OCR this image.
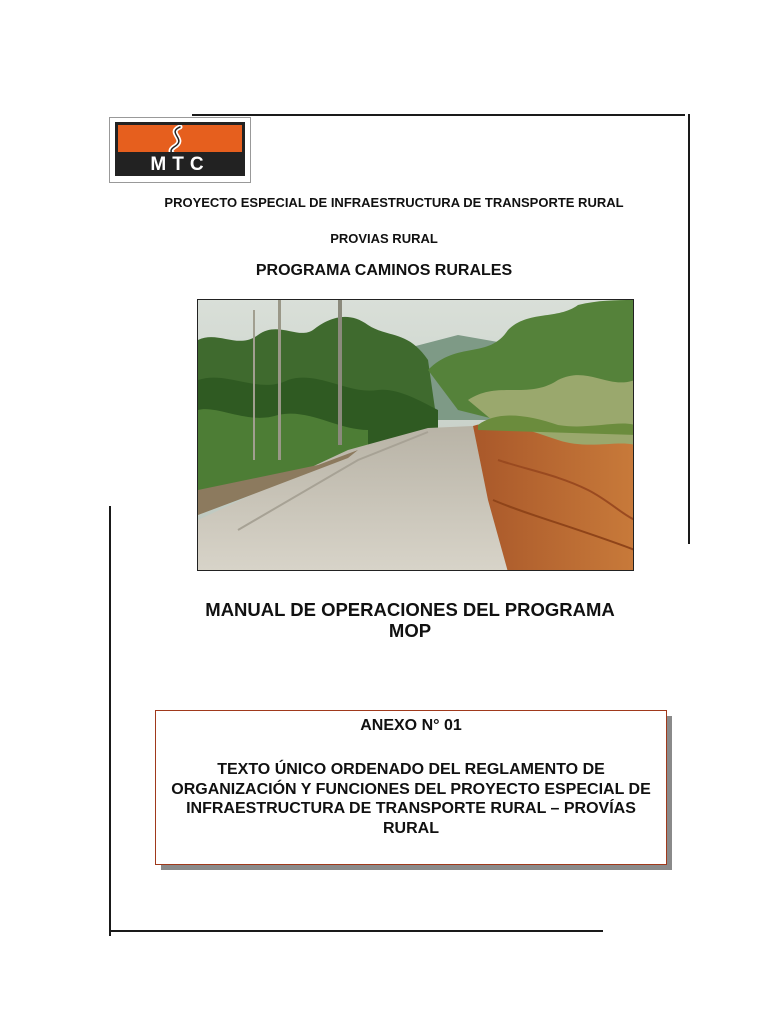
MTC
PROYECTO ESPECIAL DE INFRAESTRUCTURA DE TRANSPORTE RURAL
PROVIAS RURAL
PROGRAMA CAMINOS RURALES
MANUAL DE OPERACIONES DEL PROGRAMA
MOP
ANEXO N° 01
TEXTO ÚNICO ORDENADO DEL REGLAMENTO DE ORGANIZACIÓN Y FUNCIONES DEL PROYECTO ESPECIAL DE INFRAESTRUCTURA DE TRANSPORTE RURAL – PROVÍAS RURAL
